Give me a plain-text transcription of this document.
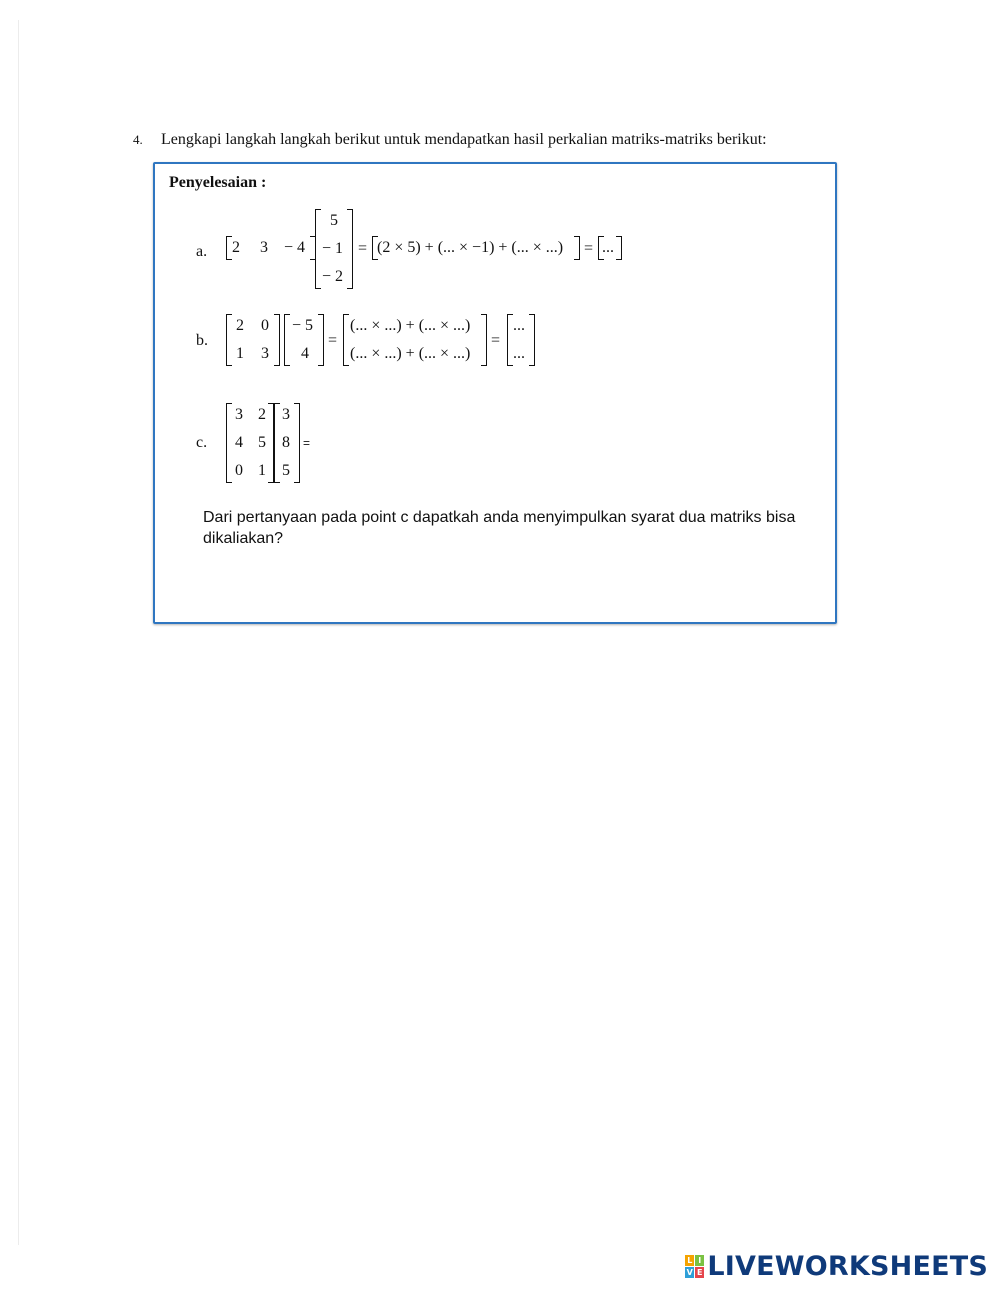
4. Lengkapi langkah langkah berikut untuk mendapatkan hasil perkalian matriks-matriks berikut:
Penyelesaian :
a. 2 3 − 4
5
− 1
− 2
= (2 × 5) + (... × −1) + (... × ...) = ...
b.
2 0
1 3
− 5
4
=
(... × ...) + (... × ...)
(... × ...) + (... × ...)
=
...
...
c.
3 2
4 5
0 1
3
8
5
=
Dari pertanyaan pada point c dapatkah anda menyimpulkan syarat dua matriks bisa dikaliakan?
L I
V E LIVEWORKSHEETS
